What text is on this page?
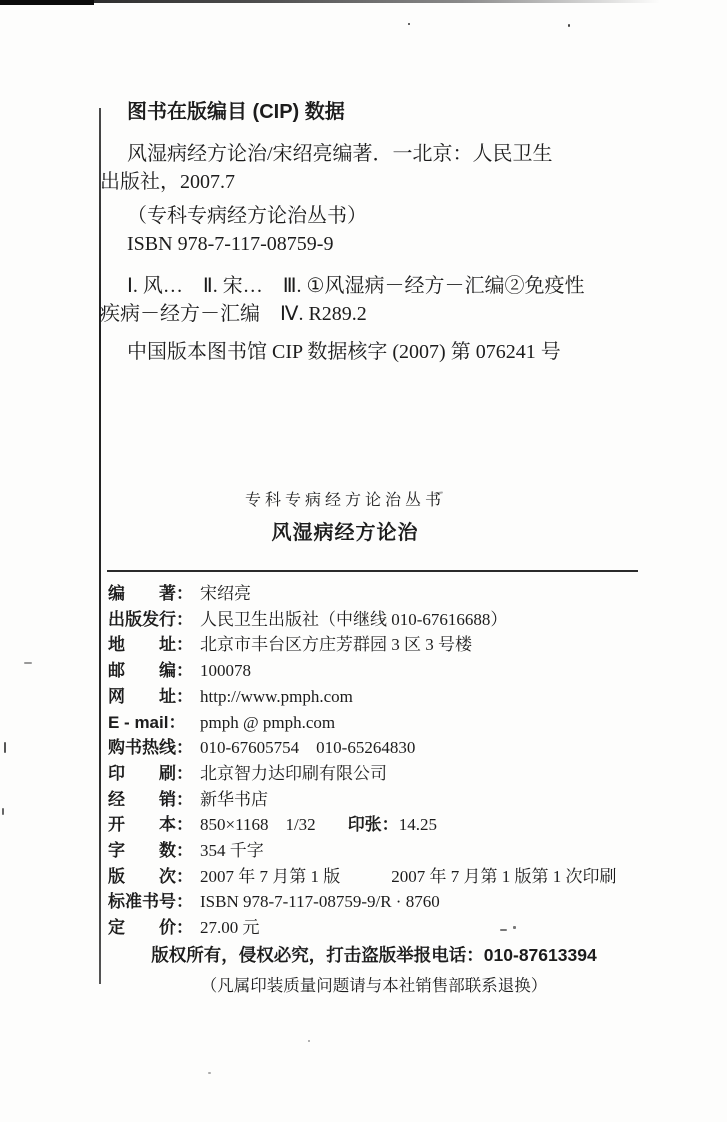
图书在版编目 (CIP) 数据

风湿病经方论治/宋绍亮编著．一北京：人民卫生

出版社，2007.7

（专科专病经方论治丛书）

ISBN 978-7-117-08759-9

Ⅰ. 风…　Ⅱ. 宋…　Ⅲ. ①风湿病－经方－汇编②免疫性

疾病－经方－汇编　Ⅳ. R289.2

中国版本图书馆 CIP 数据核字 (2007) 第 076241 号

专科专病经方论治丛书
风湿病经方论治
编　　著： 宋绍亮
出版发行： 人民卫生出版社（中继线 010-67616688）
地　　址： 北京市丰台区方庄芳群园 3 区 3 号楼
邮　　编： 100078
网　　址： http://www.pmph.com
E - mail： pmph @ pmph.com
购书热线： 010-67605754　010-65264830
印　　刷： 北京智力达印刷有限公司
经　　销： 新华书店
开　　本： 850×1168　1/32 印张： 14.25
字　　数： 354 千字
版　　次： 2007 年 7 月第 1 版　　　2007 年 7 月第 1 版第 1 次印刷
标准书号： ISBN 978-7-117-08759-9/R · 8760
定　　价： 27.00 元
版权所有，侵权必究，打击盗版举报电话：010-87613394
（凡属印装质量问题请与本社销售部联系退换）
